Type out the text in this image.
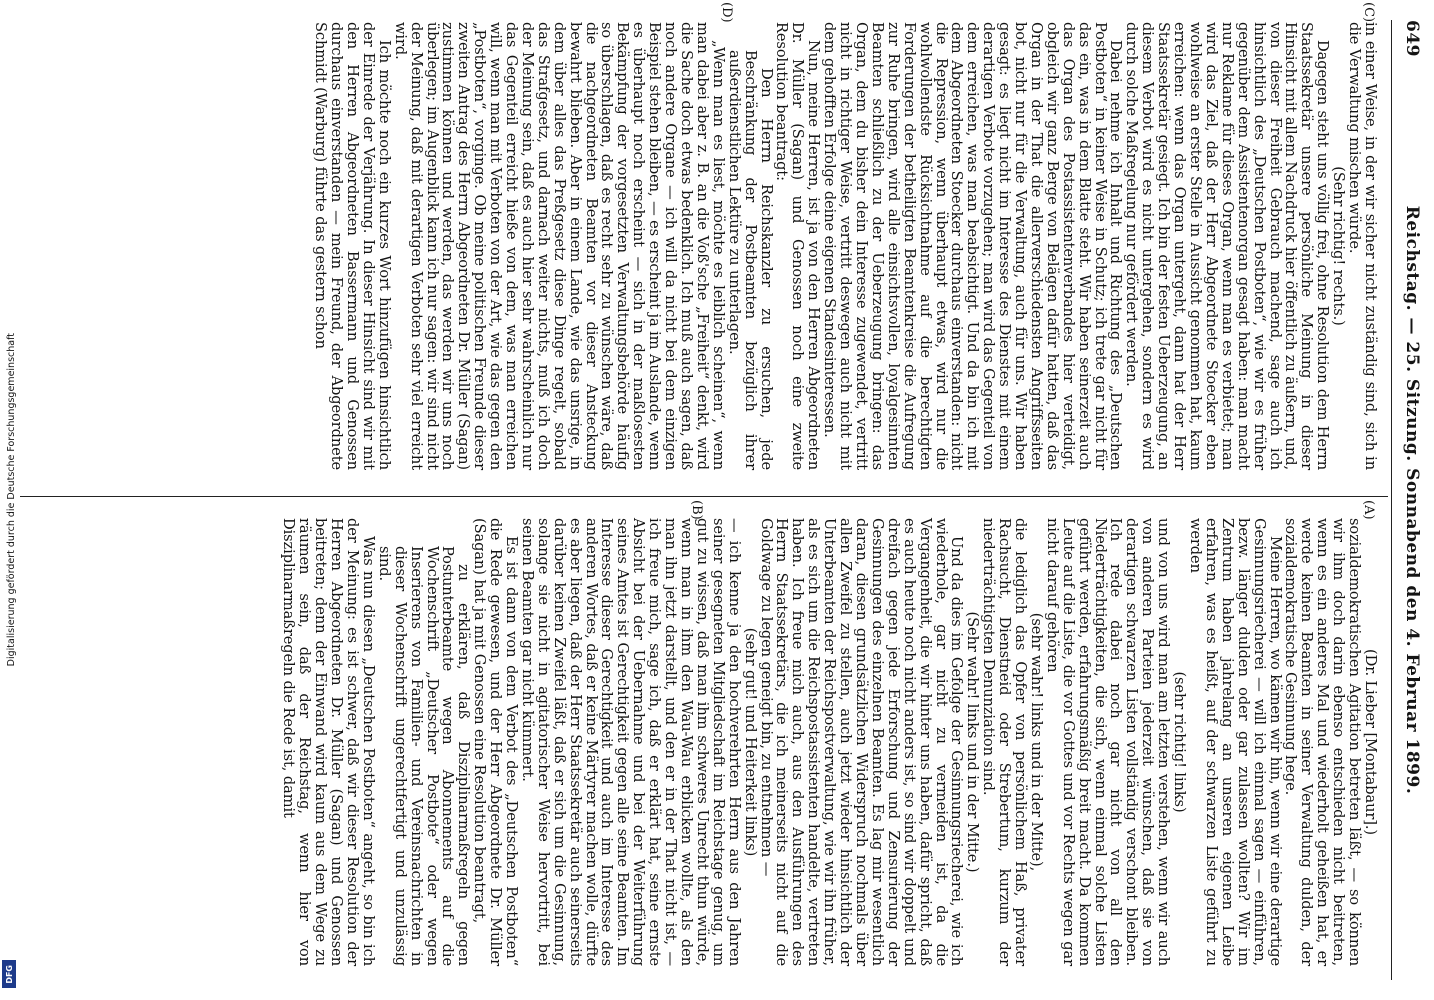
Digitalisierung gefördert durch die Deutsche Forschungsgemeinschaft
DFG
Reichstag. — 25. Sitzung. Sonnabend den 4. Februar 1899.
649
(A)
(B)
(C)
(D)

(Dr. Lieber [Montabaur].)

sozialdemokratischen Agitation betreten läßt, — so können wir ihm doch darin ebenso entschieden nicht beitreten, wenn es ein anderes Mal und wiederholt geheißen hat, er werde keinen Beamten in seiner Verwaltung dulden, der sozialdemokratische Gesinnung hege.

Meine Herren, wo kämen wir hin, wenn wir eine derartige Gesinnungsriecherei — will ich einmal sagen — einführen, bezw. länger dulden oder gar zulassen wollten? Wir im Zentrum haben jahrelang an unseren eigenen Leibe erfahren, was es heißt, auf der schwarzen Liste geführt zu werden

(sehr richtig! links)

und von uns wird man am letzten verstehen, wenn wir auch von anderen Parteien jederzeit wünschen, daß sie von derartigen schwarzen Listen vollständig verschont bleiben. Ich rede dabei noch gar nicht von all den Niederträchtigkeiten, die sich, wenn einmal solche Listen geführt werden, erfahrungsmäßig breit macht. Da kommen Leute auf die Liste, die vor Gottes und vor Rechts wegen gar nicht darauf gehören

(sehr wahr! links und in der Mitte),

die lediglich das Opfer von persönlichem Haß, privater Rachsucht, Dienstneid oder Strebertum, kurzum der niederträchtigsten Denunziation sind.

(Sehr wahr! links und in der Mitte.)

Und da dies im Gefolge der Gesinnungsriecherei, wie ich wiederhole, gar nicht zu vermeiden ist, da die Vergangenheit, die wir hinter uns haben, dafür spricht, daß es auch heute noch nicht anders ist, so sind wir doppelt und dreifach gegen jede Erforschung und Zensurierung der Gesinnungen des einzelnen Beamten. Es lag mir wesentlich daran, diesen grundsätzlichen Widerspruch nochmals über allen Zweifel zu stellen, auch jetzt wieder hinsichtlich der Unterbeamten der Reichspostverwaltung, wie wir ihn früher, als es sich um die Reichspostassistenten handelte, vertreten haben. Ich freue mich auch, aus den Ausführungen des Herrn Staatssekretärs, die ich meinerseits nicht auf die Goldwage zu legen geneigt bin, zu entnehmen —

(sehr gut! und Heiterkeit links)

— ich kenne ja den hochverehrten Herrn aus den Jahren seiner gesegneten Mitgliedschaft im Reichstage genug, um gut zu wissen, daß man ihm schweres Unrecht thun würde, wenn man in ihm den Wau-Wau erblicken wollte, als den man ihn jetzt darstellt, und den er in der That nicht ist, — ich freue mich, sage ich, daß er erklärt hat, seine ernste Absicht bei der Uebernahme und bei der Weiterführung seines Amtes ist Gerechtigkeit gegen alle seine Beamten. Im Interesse dieser Gerechtigkeit und auch im Interesse des anderen Wortes, daß er keine Märtyrer machen wolle, dürfte es aber liegen, daß der Herr Staatssekretär auch seinerseits darüber keinen Zweifel läßt, daß er sich um die Gesinnung, solange sie nicht in agitatorischer Weise hervortritt, bei seinen Beamten gar nicht kümmert.

Es ist dann von dem Verbot des „Deutschen Postboten“ die Rede gewesen, und der Herr Abgeordnete Dr. Müller (Sagan) hat ja mit Genossen eine Resolution beantragt,

zu erklären, daß Disziplinarmaßregeln gegen Postunterbeamte wegen Abonnements auf die Wochenschrift „Deutscher Postbote“ oder wegen Inserierens von Familien- und Vereinsnachrichten in dieser Wochenschrift ungerechtfertigt und unzulässig sind.

Was nun diesen „Deutschen Postboten“ angeht, so bin ich der Meinung: es ist schwer, daß wir dieser Resolution der Herren Abgeordneten Dr. Müller (Sagan) und Genossen beitreten; denn der Einwand wird kaum aus dem Wege zu räumen sein, daß der Reichstag, wenn hier von Disziplinarmaßregeln die Rede ist, damit

in einer Weise, in der wir sicher nicht zuständig sind, sich in die Verwaltung mischen würde.

(Sehr richtig! rechts.)

Dagegen steht uns völlig frei, ohne Resolution dem Herrn Staatssekretär unsere persönliche Meinung in dieser Hinsicht mit allem Nachdruck hier öffentlich zu äußern, und, von dieser Freiheit Gebrauch machend, sage auch ich hinsichtlich des „Deutschen Postboten“, wie wir es früher gegenüber dem Assistentenorgan gesagt haben: man macht nur Reklame für dieses Organ, wenn man es verbietet; man wird das Ziel, daß der Herr Abgeordnete Stoecker eben wohlweise an erster Stelle in Aussicht genommen hat, kaum erreichen: wenn das Organ untergeht, dann hat der Herr Staatssekretär gesiegt. Ich bin der festen Ueberzeugung, an diesem Verbot wird es nicht untergehen, sondern es wird durch solche Maßregelung nur gefördert werden.

Dabei nehme ich Inhalt und Richtung des „Deutschen Postboten“ in keiner Weise in Schutz; ich trete gar nicht für das ein, was in dem Blatte steht. Wir haben seinerzeit auch das Organ des Postassistentenverbandes hier verteidigt, obgleich wir ganz Berge von Belägen dafür hatten, daß das Organ in der That die allerverschiedensten Angriffsseiten bot, nicht nur für die Verwaltung, auch für uns. Wir haben gesagt: es liegt nicht im Interesse des Dienstes mit einem derartigen Verbote vorzugehen; man wird das Gegenteil von dem erreichen, was man beabsichtigt. Und da bin ich mit dem Abgeordneten Stoecker durchaus einverstanden: nicht die Repression, wenn überhaupt etwas, wird nur die wohlwollendste Rücksichtnahme auf die berechtigten Forderungen der betheiligten Beamtenkreise die Aufregung zur Ruhe bringen, wird alle einsichtsvollen, loyalgesinnten Beamten schließlich zu der Ueberzeugung bringen: das Organ, dem du bisher dein Interesse zugewendet, vertritt nicht in richtiger Weise, vertritt deswegen auch nicht mit dem gehofften Erfolge deine eigenen Standesinteressen.

Nun, meine Herren, ist ja von den Herren Abgeordneten Dr. Müller (Sagan) und Genossen noch eine zweite Resolution beantragt:

Den Herrn Reichskanzler zu ersuchen, jede Beschränkung der Postbeamten bezüglich ihrer außerdienstlichen Lektüre zu unterlagen.

„Wenn man es liest, möchte es leiblich scheinen“, wenn man dabei aber z. B. an die Voß'sche „Freiheit“ denkt, wird die Sache doch etwas bedenklich. Ich muß auch sagen, daß noch andere Organe — ich will da nicht bei dem einzigen Beispiel stehen bleiben, — es erscheint ja im Auslande, wenn es überhaupt noch erscheint — sich in der maßlosesten Bekämpfung der vorgesetzten Verwaltungsbehörde häufig so überschlagen, daß es recht sehr zu wünschen wäre, daß die nachgeordneten Beamten vor dieser Ansteckung bewahrt blieben. Aber in einem Lande, wie das unsrige, in dem über alles das Preßgesetz diese Dinge regelt, sobald das Strafgesetz, und darnach weiter nichts, muß ich doch der Meinung sein, daß es auch hier sehr wahrscheinlich nur das Gegenteil erreicht hieße von dem, was man erreichen will, wenn man mit Verboten von der Art, wie das gegen den „Postboten“, vorginge. Ob meine politischen Freunde dieser zweiten Antrag des Herrn Abgeordneten Dr. Müller (Sagan) zustimmen können und werden, das werden wir uns noch überlegen; im Augenblick kann ich nur sagen: wir sind nicht der Meinung, daß mit derartigen Verboten sehr viel erreicht wird.

Ich möchte noch ein kurzes Wort hinzufügen hinsichtlich der Einrede der Verjährung. In dieser Hinsicht sind wir mit den Herren Abgeordneten Bassermann und Genossen durchaus einverstanden — mein Freund, der Abgeordnete Schmidt (Warburg) führte das gestern schon
